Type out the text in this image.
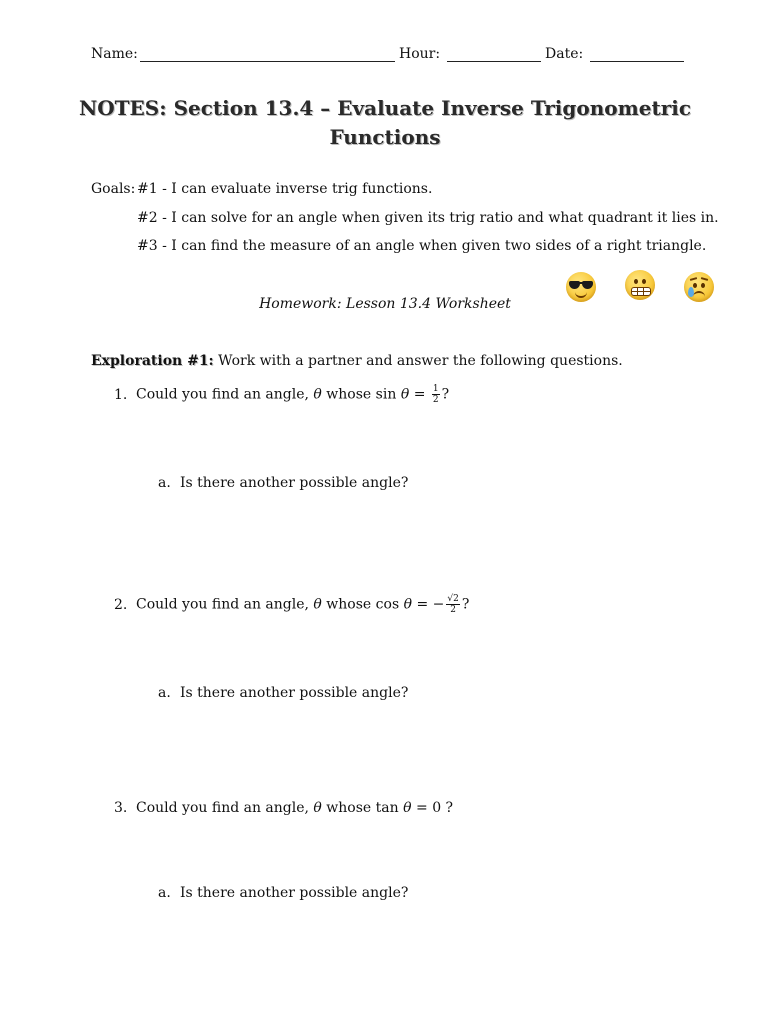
Name:	Hour:	Date:
NOTES: Section 13.4 – Evaluate Inverse Trigonometric
Functions
Goals: #1 - I can evaluate inverse trig functions.
#2 - I can solve for an angle when given its trig ratio and what quadrant it lies in.
#3 - I can find the measure of an angle when given two sides of a right triangle.
Homework: Lesson 13.4 Worksheet
Exploration #1: Work with a partner and answer the following questions.
1. Could you find an angle, θ whose $\sin \theta = \frac{1}{2}$ ?
a. Is there another possible angle?
2. Could you find an angle, θ whose cos θ = − $\frac{√2}{2}$ ?
a. Is there another possible angle?
3. Could you find an angle, θ whose tan θ = 0 ?
a. Is there another possible angle?
